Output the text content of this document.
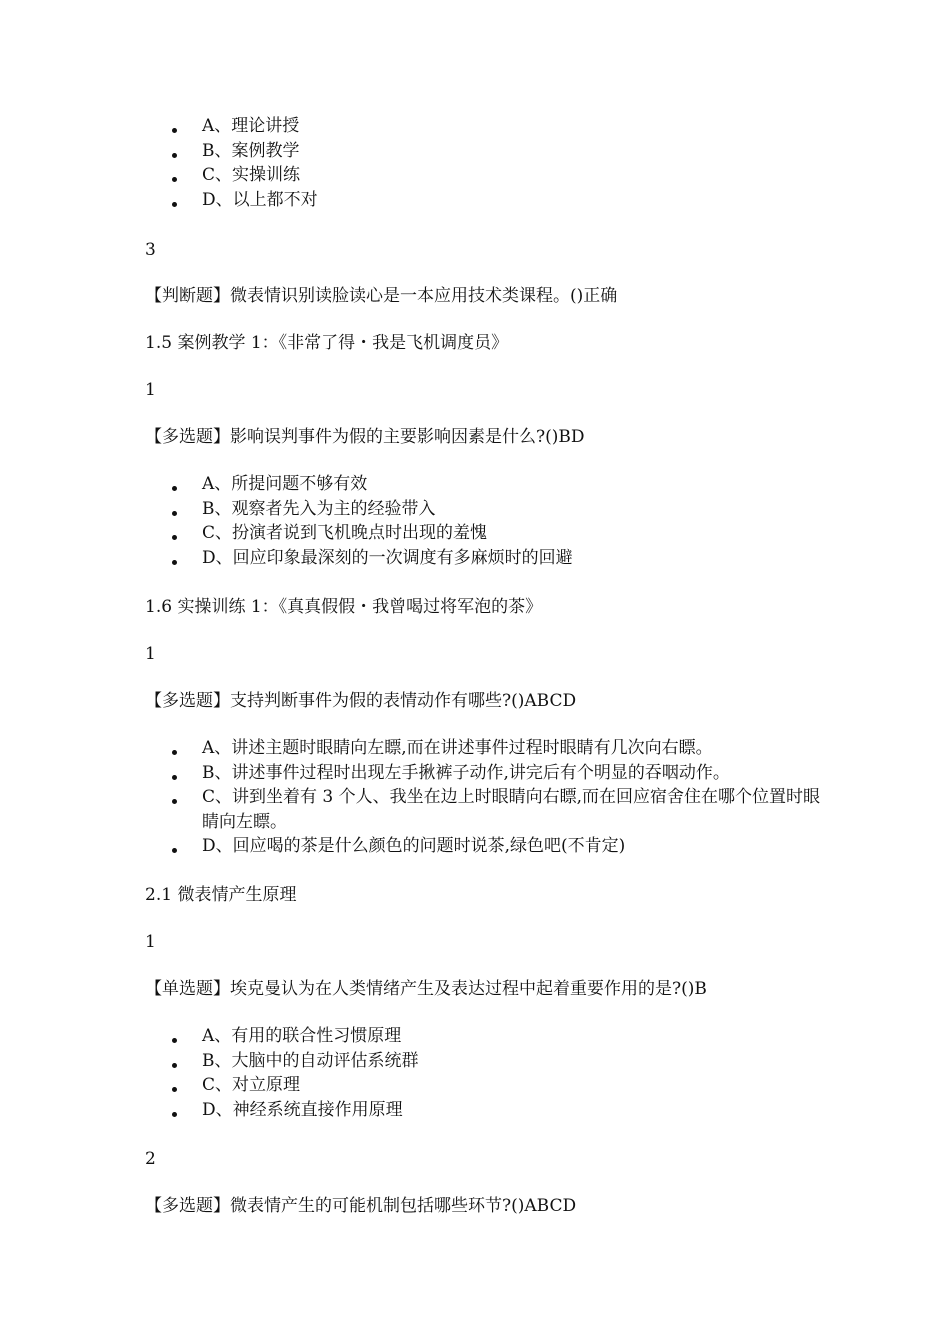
A、理论讲授
B、案例教学
C、实操训练
D、以上都不对
3
【判断题】微表情识别读脸读心是一本应用技术类课程。()正确
1.5 案例教学 1：《非常了得・我是飞机调度员》
1
【多选题】影响误判事件为假的主要影响因素是什么?()BD
A、所提问题不够有效
B、观察者先入为主的经验带入
C、扮演者说到飞机晚点时出现的羞愧
D、回应印象最深刻的一次调度有多麻烦时的回避
1.6 实操训练 1：《真真假假・我曾喝过将军泡的茶》
1
【多选题】支持判断事件为假的表情动作有哪些?()ABCD
A、讲述主题时眼睛向左瞟,而在讲述事件过程时眼睛有几次向右瞟。
B、讲述事件过程时出现左手揪裤子动作,讲完后有个明显的吞咽动作。
C、讲到坐着有 3 个人、我坐在边上时眼睛向右瞟,而在回应宿舍住在哪个位置时眼睛向左瞟。
D、回应喝的茶是什么颜色的问题时说茶,绿色吧(不肯定)
2.1 微表情产生原理
1
【单选题】埃克曼认为在人类情绪产生及表达过程中起着重要作用的是?()B
A、有用的联合性习惯原理
B、大脑中的自动评估系统群
C、对立原理
D、神经系统直接作用原理
2
【多选题】微表情产生的可能机制包括哪些环节?()ABCD
